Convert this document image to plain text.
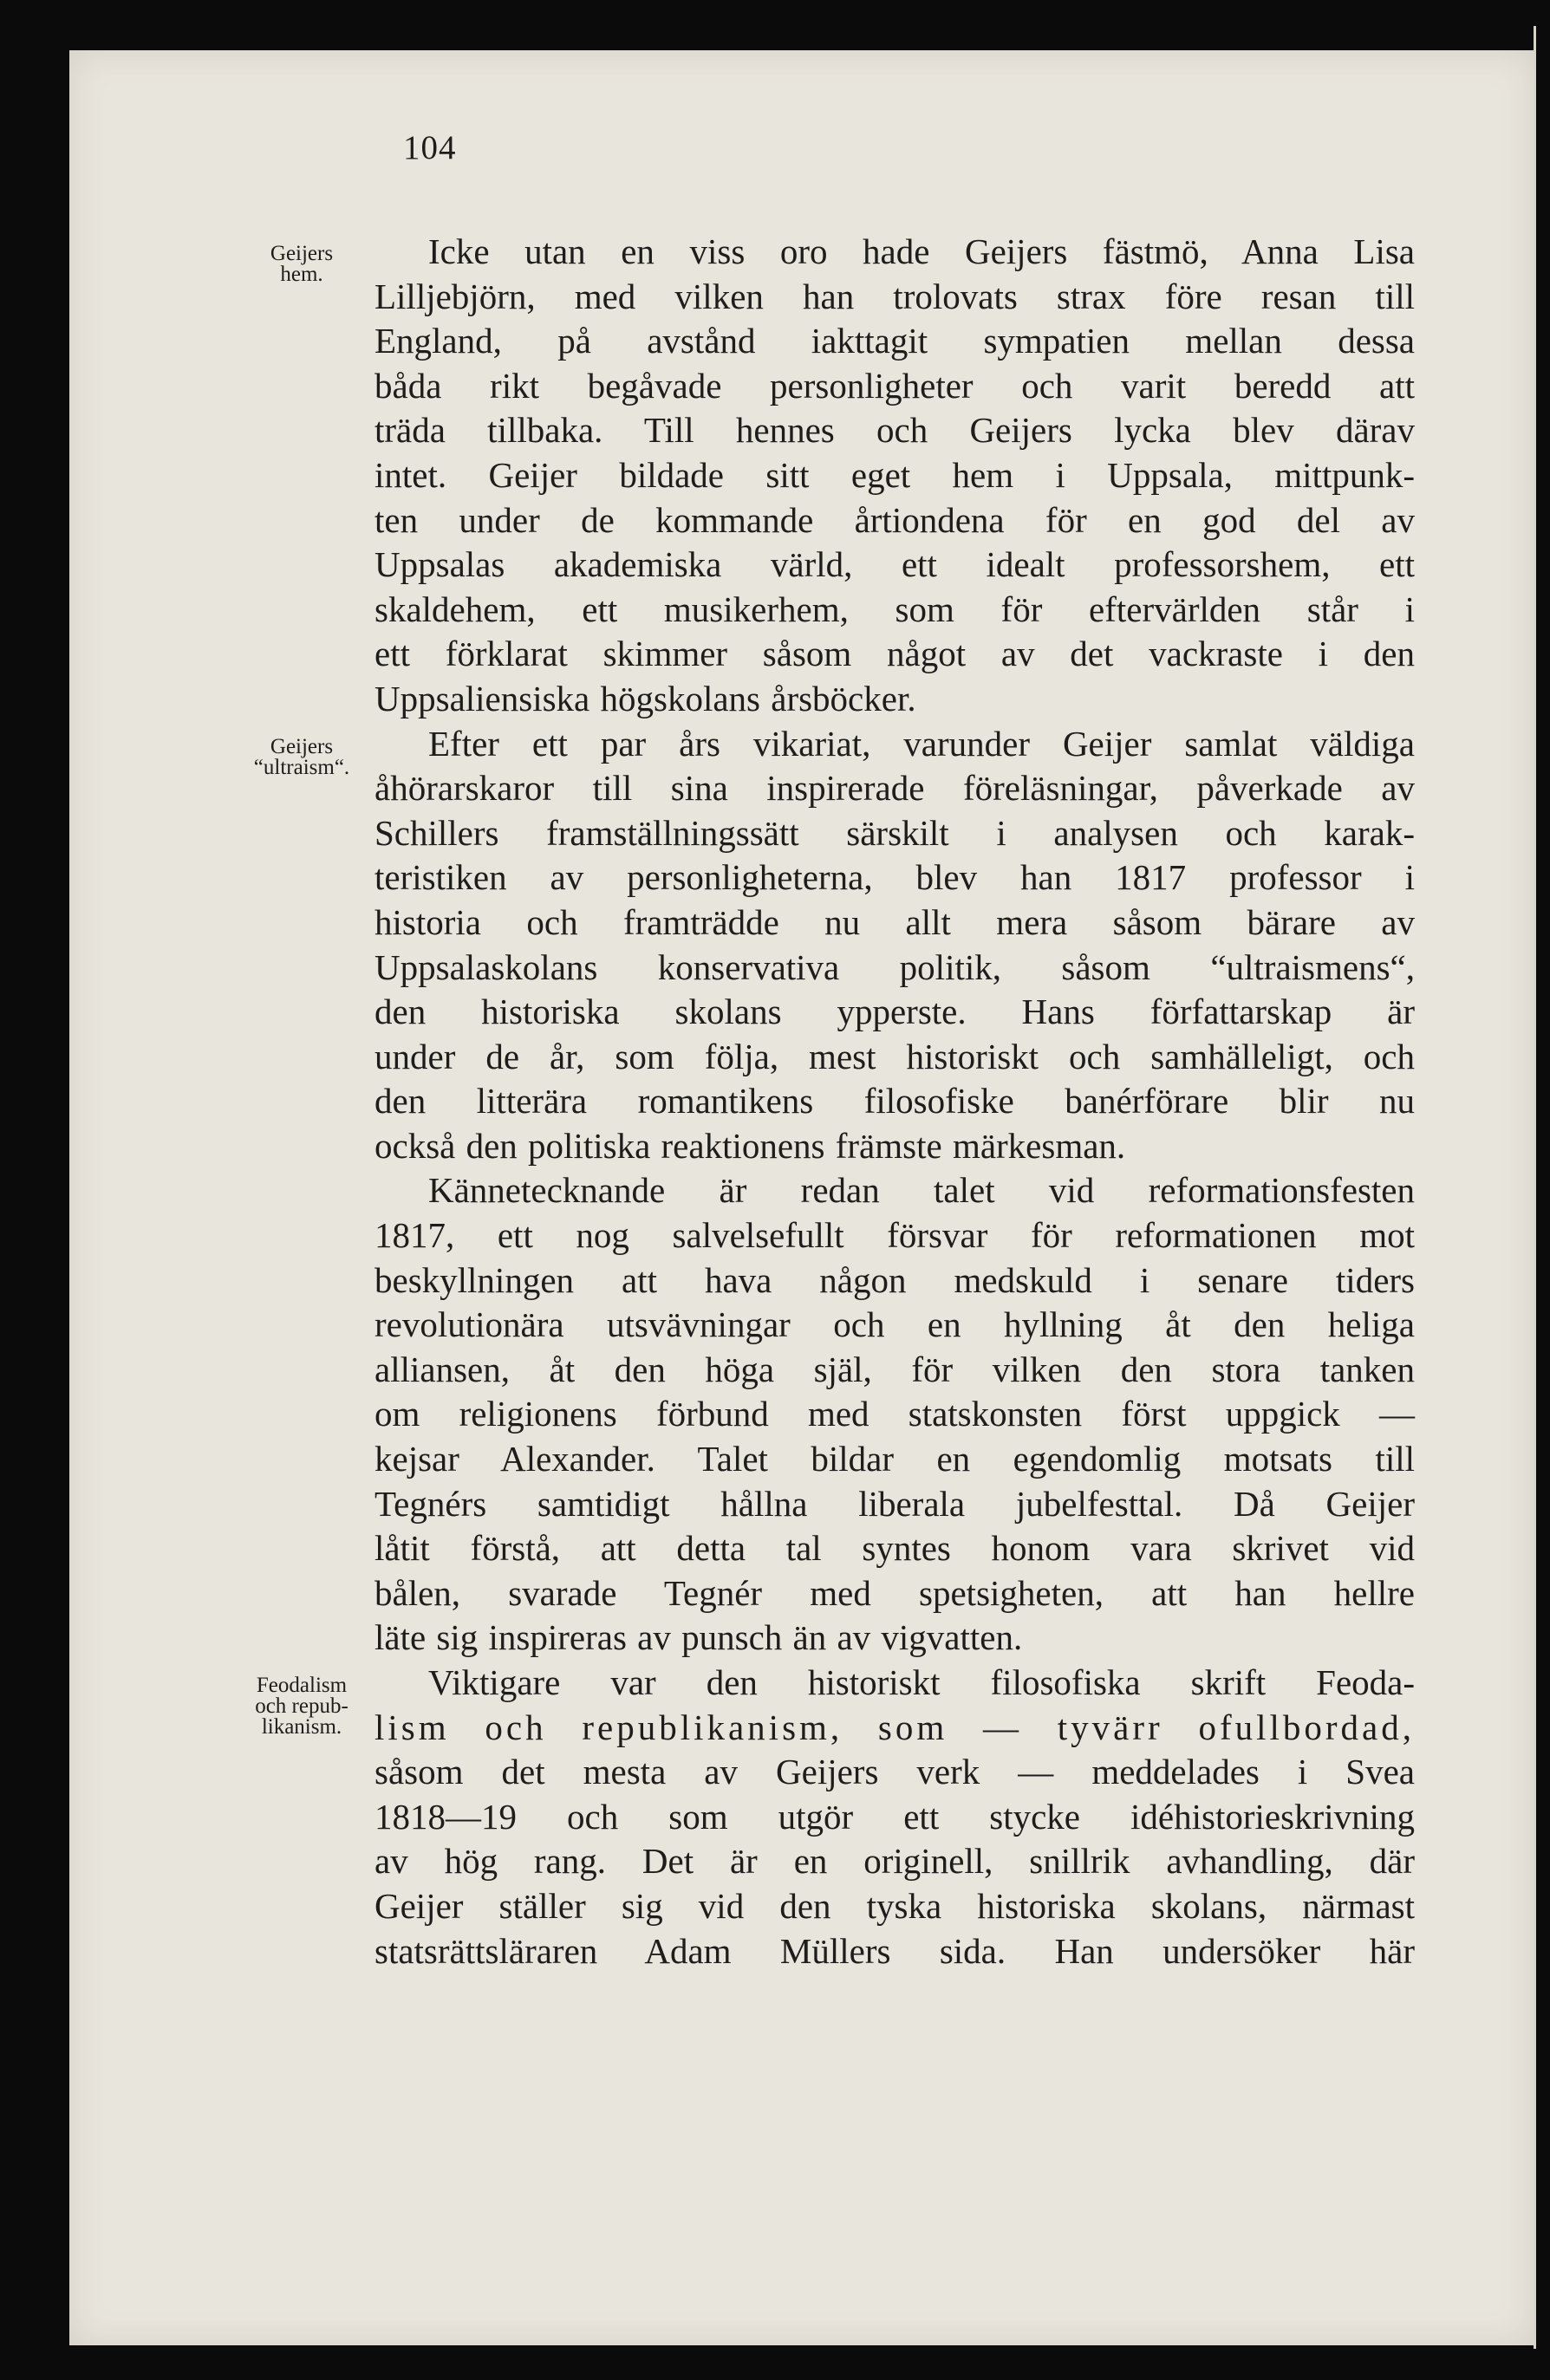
104
Geijers
hem.
Geijers
“ultraism“.
Feodalism
och repub-
likanism.
Icke utan en viss oro hade Geijers fästmö, Anna Lisa
Lilljebjörn, med vilken han trolovats strax före resan till
England, på avstånd iakttagit sympatien mellan dessa
båda rikt begåvade personligheter och varit beredd att
träda tillbaka. Till hennes och Geijers lycka blev därav
intet. Geijer bildade sitt eget hem i Uppsala, mittpunk-
ten under de kommande årtiondena för en god del av
Uppsalas akademiska värld, ett idealt professorshem, ett
skaldehem, ett musikerhem, som för eftervärlden står i
ett förklarat skimmer såsom något av det vackraste i den
Uppsaliensiska högskolans årsböcker.
Efter ett par års vikariat, varunder Geijer samlat väldiga
åhörarskaror till sina inspirerade föreläsningar, påverkade av
Schillers framställningssätt särskilt i analysen och karak-
teristiken av personligheterna, blev han 1817 professor i
historia och framträdde nu allt mera såsom bärare av
Uppsalaskolans konservativa politik, såsom “ultraismens“,
den historiska skolans ypperste. Hans författarskap är
under de år, som följa, mest historiskt och samhälleligt, och
den litterära romantikens filosofiske banérförare blir nu
också den politiska reaktionens främste märkesman.
Kännetecknande är redan talet vid reformationsfesten
1817, ett nog salvelsefullt försvar för reformationen mot
beskyllningen att hava någon medskuld i senare tiders
revolutionära utsvävningar och en hyllning åt den heliga
alliansen, åt den höga själ, för vilken den stora tanken
om religionens förbund med statskonsten först uppgick —
kejsar Alexander. Talet bildar en egendomlig motsats till
Tegnérs samtidigt hållna liberala jubelfesttal. Då Geijer
låtit förstå, att detta tal syntes honom vara skrivet vid
bålen, svarade Tegnér med spetsigheten, att han hellre
läte sig inspireras av punsch än av vigvatten.
Viktigare var den historiskt filosofiska skrift Feoda-
lism och republikanism, som — tyvärr ofullbordad,
såsom det mesta av Geijers verk — meddelades i Svea
1818—19 och som utgör ett stycke idéhistorieskrivning
av hög rang. Det är en originell, snillrik avhandling, där
Geijer ställer sig vid den tyska historiska skolans, närmast
statsrättsläraren Adam Müllers sida. Han undersöker här
